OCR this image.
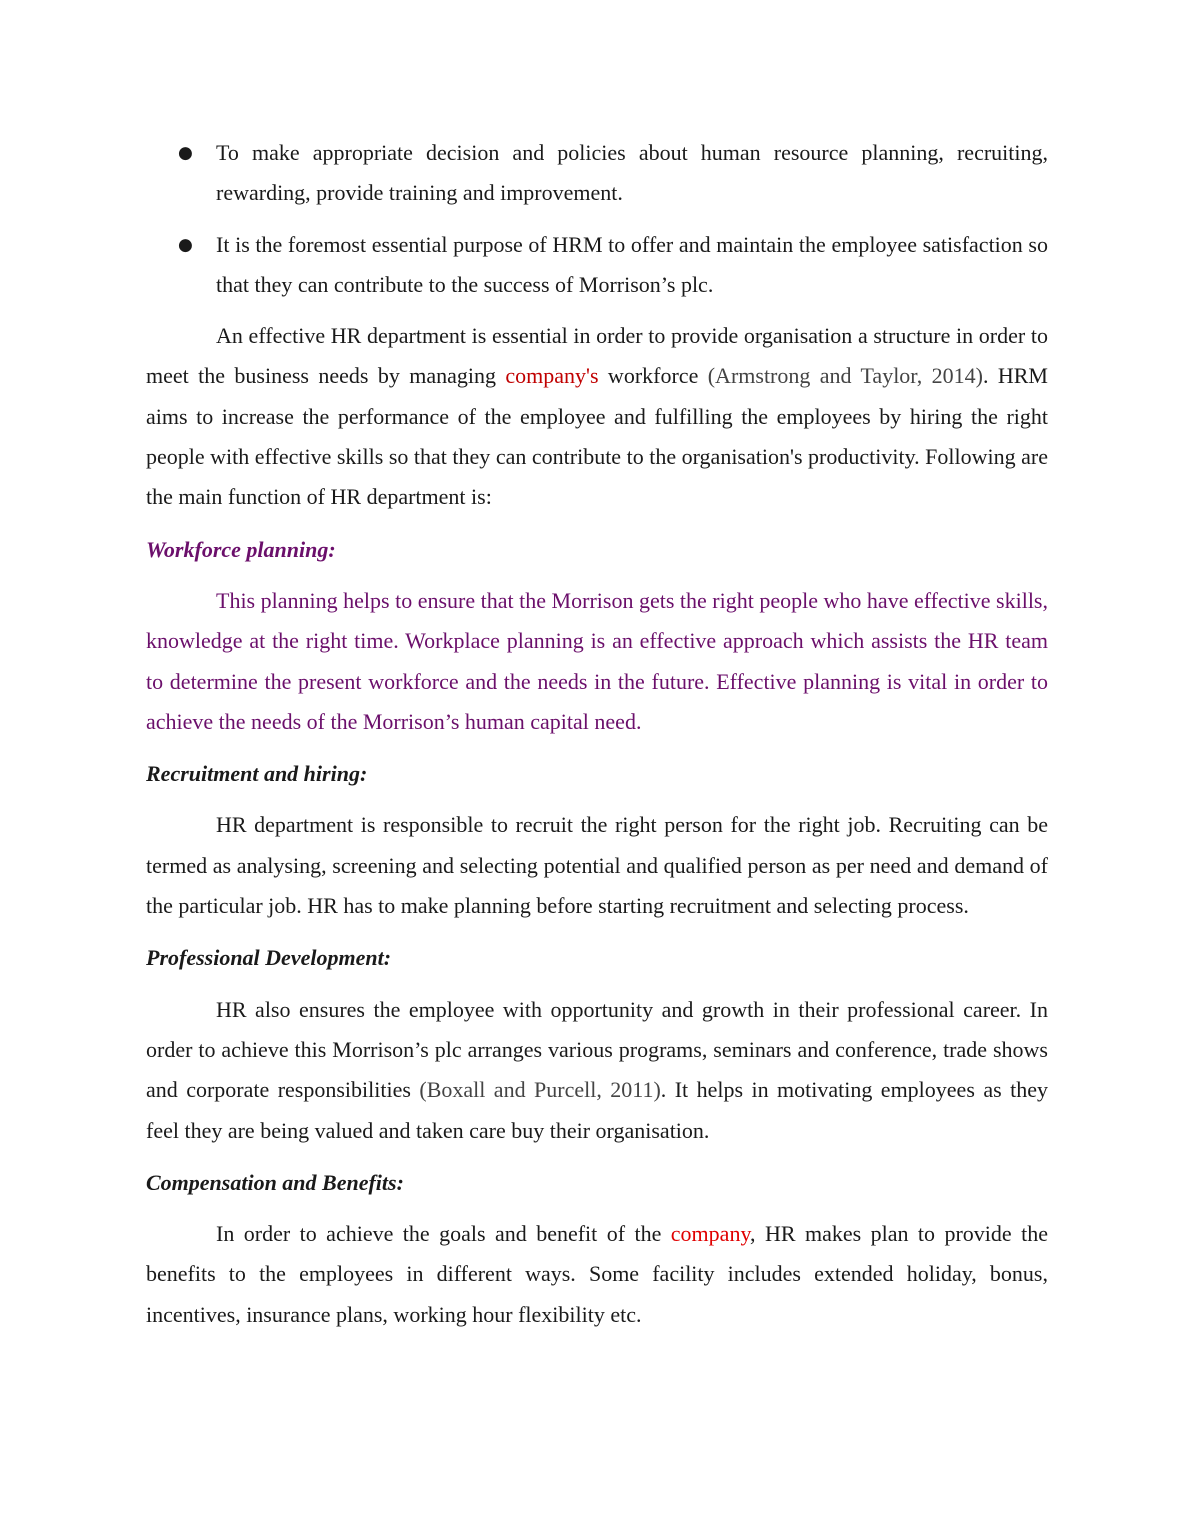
● To make appropriate decision and policies about human resource planning, recruiting, rewarding, provide training and improvement.
● It is the foremost essential purpose of HRM to offer and maintain the employee satisfaction so that they can contribute to the success of Morrison’s plc.

An effective HR department is essential in order to provide organisation a structure in order to meet the business needs by managing company's workforce (Armstrong and Taylor, 2014). HRM aims to increase the performance of the employee and fulfilling the employees by hiring the right people with effective skills so that they can contribute to the organisation's productivity. Following are the main function of HR department is:

Workforce planning:

This planning helps to ensure that the Morrison gets the right people who have effective skills, knowledge at the right time. Workplace planning is an effective approach which assists the HR team to determine the present workforce and the needs in the future. Effective planning is vital in order to achieve the needs of the Morrison’s human capital need.

Recruitment and hiring:

HR department is responsible to recruit the right person for the right job. Recruiting can be termed as analysing, screening and selecting potential and qualified person as per need and demand of the particular job. HR has to make planning before starting recruitment and selecting process.

Professional Development:

HR also ensures the employee with opportunity and growth in their professional career. In order to achieve this Morrison’s plc arranges various programs, seminars and conference, trade shows and corporate responsibilities (Boxall and Purcell, 2011). It helps in motivating employees as they feel they are being valued and taken care buy their organisation.

Compensation and Benefits:

In order to achieve the goals and benefit of the company, HR makes plan to provide the benefits to the employees in different ways. Some facility includes extended holiday, bonus, incentives, insurance plans, working hour flexibility etc.
